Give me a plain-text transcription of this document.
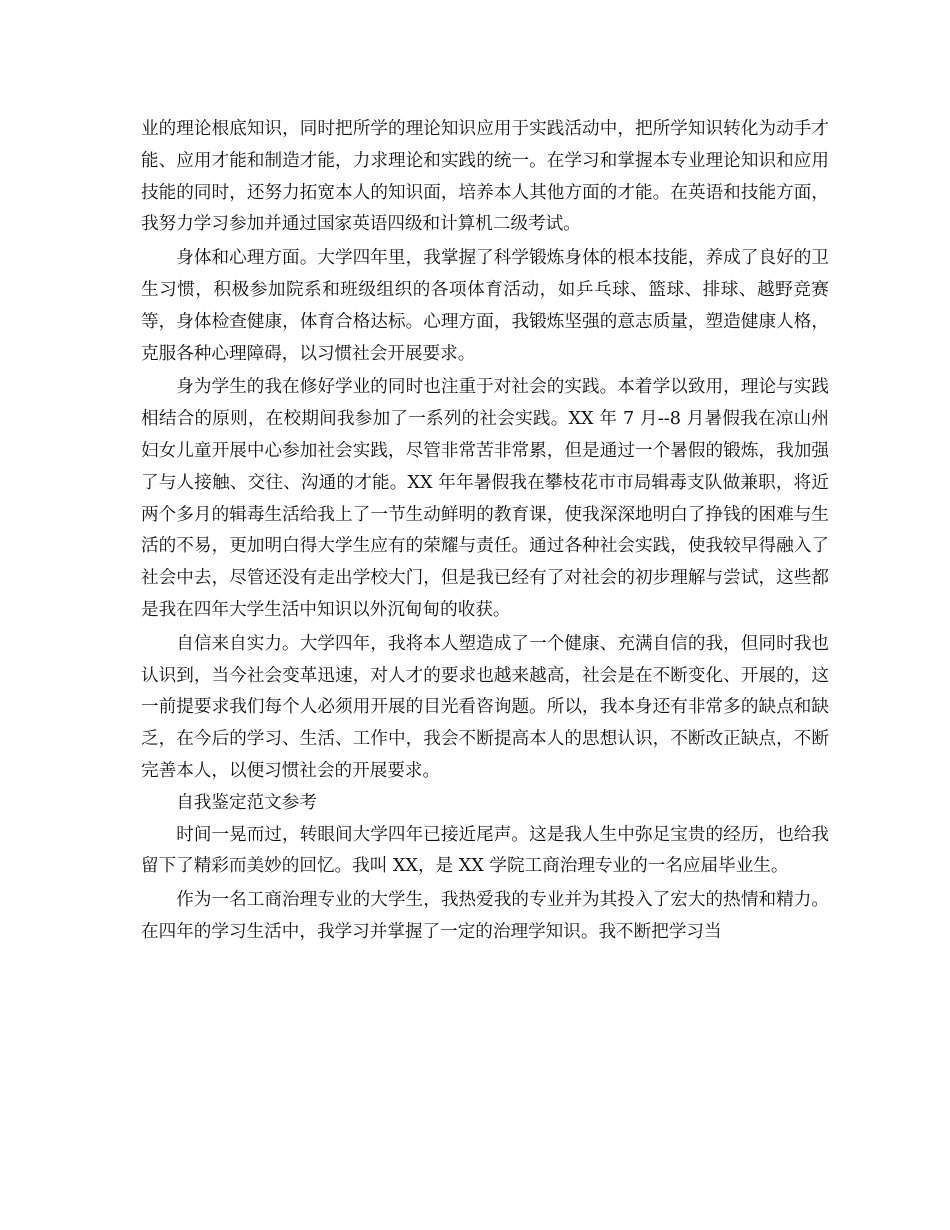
业的理论根底知识，同时把所学的理论知识应用于实践活动中，把所学知识转化为动手才能、应用才能和制造才能，力求理论和实践的统一。在学习和掌握本专业理论知识和应用技能的同时，还努力拓宽本人的知识面，培养本人其他方面的才能。在英语和技能方面，我努力学习参加并通过国家英语四级和计算机二级考试。

身体和心理方面。大学四年里，我掌握了科学锻炼身体的根本技能，养成了良好的卫生习惯，积极参加院系和班级组织的各项体育活动，如乒乓球、篮球、排球、越野竞赛等，身体检查健康，体育合格达标。心理方面，我锻炼坚强的意志质量，塑造健康人格，克服各种心理障碍，以习惯社会开展要求。

身为学生的我在修好学业的同时也注重于对社会的实践。本着学以致用，理论与实践相结合的原则，在校期间我参加了一系列的社会实践。XX 年 7 月--8 月暑假我在凉山州妇女儿童开展中心参加社会实践，尽管非常苦非常累，但是通过一个暑假的锻炼，我加强了与人接触、交往、沟通的才能。XX 年年暑假我在攀枝花市市局辑毒支队做兼职，将近两个多月的辑毒生活给我上了一节生动鲜明的教育课，使我深深地明白了挣钱的困难与生活的不易，更加明白得大学生应有的荣耀与责任。通过各种社会实践，使我较早得融入了社会中去，尽管还没有走出学校大门，但是我已经有了对社会的初步理解与尝试，这些都是我在四年大学生活中知识以外沉甸甸的收获。

自信来自实力。大学四年，我将本人塑造成了一个健康、充满自信的我，但同时我也认识到，当今社会变革迅速，对人才的要求也越来越高，社会是在不断变化、开展的，这一前提要求我们每个人必须用开展的目光看咨询题。所以，我本身还有非常多的缺点和缺乏，在今后的学习、生活、工作中，我会不断提高本人的思想认识，不断改正缺点，不断完善本人，以便习惯社会的开展要求。

自我鉴定范文参考

时间一晃而过，转眼间大学四年已接近尾声。这是我人生中弥足宝贵的经历，也给我留下了精彩而美妙的回忆。我叫 XX，是 XX 学院工商治理专业的一名应届毕业生。

作为一名工商治理专业的大学生，我热爱我的专业并为其投入了宏大的热情和精力。在四年的学习生活中，我学习并掌握了一定的治理学知识。我不断把学习当
